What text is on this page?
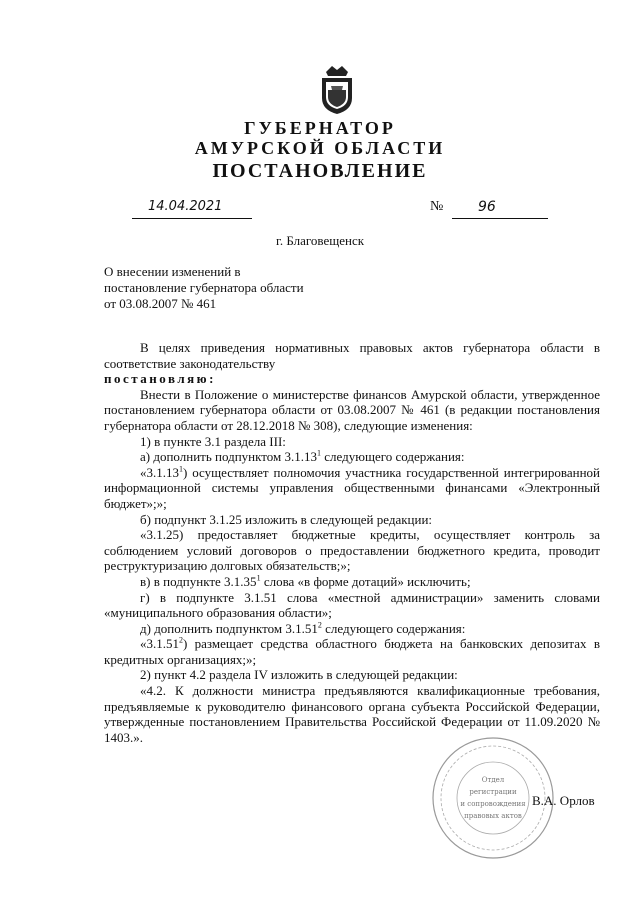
ГУБЕРНАТОР
АМУРСКОЙ ОБЛАСТИ
ПОСТАНОВЛЕНИЕ
14.04.2021	№ 96
г. Благовещенск
О внесении изменений в постановление губернатора области от 03.08.2007 № 461

В целях приведения нормативных правовых актов губернатора области в соответствие законодательству

постановляю:

Внести в Положение о министерстве финансов Амурской области, утвержденное постановлением губернатора области от 03.08.2007 № 461 (в редакции постановления губернатора области от 28.12.2018 № 308), следующие изменения:

1) в пункте 3.1 раздела III:

а) дополнить подпунктом 3.1.13$^1$ следующего содержания:

«3.1.13$^1$) осуществляет полномочия участника государственной интегрированной информационной системы управления общественными финансами «Электронный бюджет»;»;

б) подпункт 3.1.25 изложить в следующей редакции:

«3.1.25) предоставляет бюджетные кредиты, осуществляет контроль за соблюдением условий договоров о предоставлении бюджетного кредита, проводит реструктуризацию долговых обязательств;»;

в) в подпункте 3.1.35$^1$ слова «в форме дотаций» исключить;

г) в подпункте 3.1.51 слова «местной администрации» заменить словами «муниципального образования области»;

д) дополнить подпунктом 3.1.51$^2$ следующего содержания:

«3.1.51$^2$) размещает средства областного бюджета на банковских депозитах в кредитных организациях;»;

2) пункт 4.2 раздела IV изложить в следующей редакции:

«4.2. К должности министра предъявляются квалификационные требования, предъявляемые к руководителю финансового органа субъекта Российской Федерации, утвержденные постановлением Правительства Российской Федерации от 11.09.2020 № 1403.».

Отдел
регистрации
и сопровождения
правовых актов
В.А. Орлов
